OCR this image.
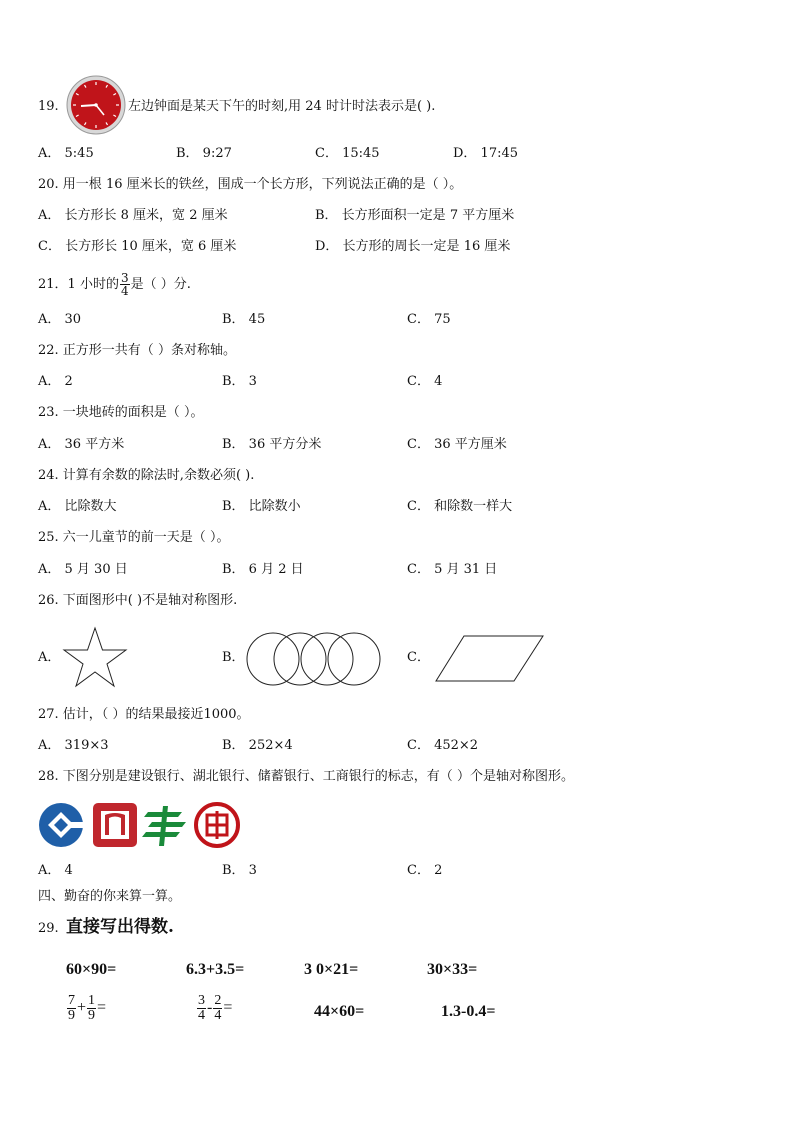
19.	左边钟面是某天下午的时刻,用 24 时计时法表示是( ).
A． 5:45	B． 9:27	C． 15:45	D． 17:45
20. 用一根 16 厘米长的铁丝，围成一个长方形，下列说法正确的是（ ）。
A． 长方形长 8 厘米，宽 2 厘米	B． 长方形面积一定是 7 平方厘米
C． 长方形长 10 厘米，宽 6 厘米	D． 长方形的周长一定是 16 厘米
21．1 小时的 $\frac{3}{4}$ 是（ ）分.
A． 30	B． 45	C． 75
22. 正方形一共有（ ）条对称轴。
A． 2	B． 3	C． 4
23. 一块地砖的面积是（ ）。
A． 36 平方米	B． 36 平方分米	C． 36 平方厘米
24. 计算有余数的除法时,余数必须( ).
A． 比除数大	B． 比除数小	C． 和除数一样大
25. 六一儿童节的前一天是（ ）。
A． 5 月 30 日	B． 6 月 2 日	C． 5 月 31 日
26. 下面图形中( )不是轴对称图形.
A．	B．	C．
27. 估计，（ ）的结果最接近1000。
A． 319×3	B． 252×4	C． 452×2
28. 下图分别是建设银行、湖北银行、储蓄银行、工商银行的标志，有（ ）个是轴对称图形。
A． 4	B． 3	C． 2
四、勤奋的你来算一算。
29. 直接写出得数.
60×90=	6.3+3.5=	3 0×21=	30×33=
$\frac{7}{9} + \frac{1}{9}$ =	$\frac{3}{4} - \frac{2}{4}$ =	44×60=	1.3-0.4=
